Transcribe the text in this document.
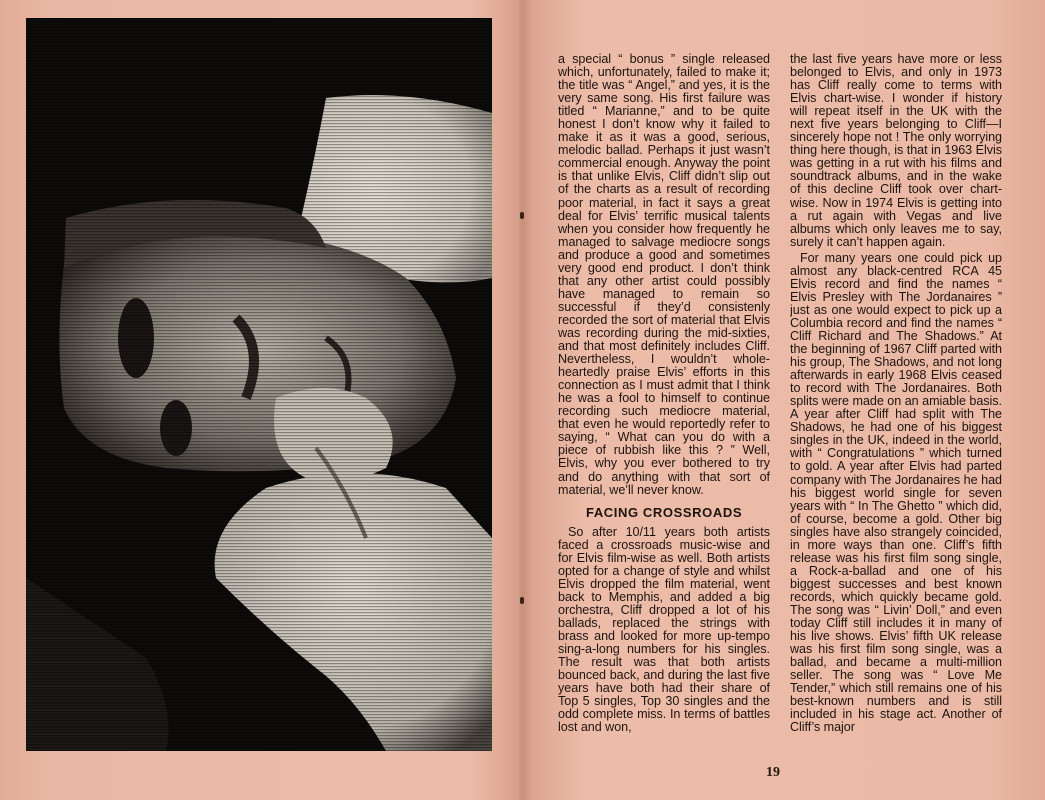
a special “ bonus ” single released which, unfortunately, failed to make it; the title was “ Angel,” and yes, it is the very same song. His first failure was titled “ Marianne,” and to be quite honest I don’t know why it failed to make it as it was a good, serious, melodic ballad. Perhaps it just wasn’t commercial enough. Anyway the point is that unlike Elvis, Cliff didn’t slip out of the charts as a result of recording poor material, in fact it says a great deal for Elvis’ terrific musical talents when you consider how frequently he managed to salvage mediocre songs and produce a good and sometimes very good end product. I don’t think that any other artist could possibly have managed to remain so successful if they’d consistenly recorded the sort of material that Elvis was recording during the mid-sixties, and that most definitely includes Cliff. Nevertheless, I wouldn’t wholeheartedly praise Elvis’ efforts in this connection as I must admit that I think he was a fool to himself to continue recording such mediocre material, that even he would reportedly refer to saying, “ What can you do with a piece of rubbish like this ? ” Well, Elvis, why you ever bothered to try and do anything with that sort of material, we’ll never know.

FACING CROSSROADS

So after 10/11 years both artists faced a crossroads music-wise and for Elvis film-wise as well. Both artists opted for a change of style and whilst Elvis dropped the film material, went back to Memphis, and added a big orchestra, Cliff dropped a lot of his ballads, replaced the strings with brass and looked for more up-tempo sing-a-long numbers for his singles. The result was that both artists bounced back, and during the last five years have both had their share of Top 5 singles, Top 30 singles and the odd complete miss. In terms of battles lost and won,

the last five years have more or less belonged to Elvis, and only in 1973 has Cliff really come to terms with Elvis chart-wise. I wonder if history will repeat itself in the UK with the next five years belonging to Cliff—I sincerely hope not ! The only worrying thing here though, is that in 1963 Elvis was getting in a rut with his films and soundtrack albums, and in the wake of this decline Cliff took over chart-wise. Now in 1974 Elvis is getting into a rut again with Vegas and live albums which only leaves me to say, surely it can’t happen again.

For many years one could pick up almost any black-centred RCA 45 Elvis record and find the names “ Elvis Presley with The Jordanaires ” just as one would expect to pick up a Columbia record and find the names “ Cliff Richard and The Shadows.” At the beginning of 1967 Cliff parted with his group, The Shadows, and not long afterwards in early 1968 Elvis ceased to record with The Jordanaires. Both splits were made on an amiable basis. A year after Cliff had split with The Shadows, he had one of his biggest singles in the UK, indeed in the world, with “ Congratulations ” which turned to gold. A year after Elvis had parted company with The Jordanaires he had his biggest world single for seven years with “ In The Ghetto ” which did, of course, become a gold. Other big singles have also strangely coincided, in more ways than one. Cliff’s fifth release was his first film song single, a Rock-a-ballad and one of his biggest successes and best known records, which quickly became gold. The song was “ Livin’ Doll,” and even today Cliff still includes it in many of his live shows. Elvis’ fifth UK release was his first film song single, was a ballad, and became a multi-million seller. The song was “ Love Me Tender,” which still remains one of his best-known numbers and is still included in his stage act. Another of Cliff’s major

19
